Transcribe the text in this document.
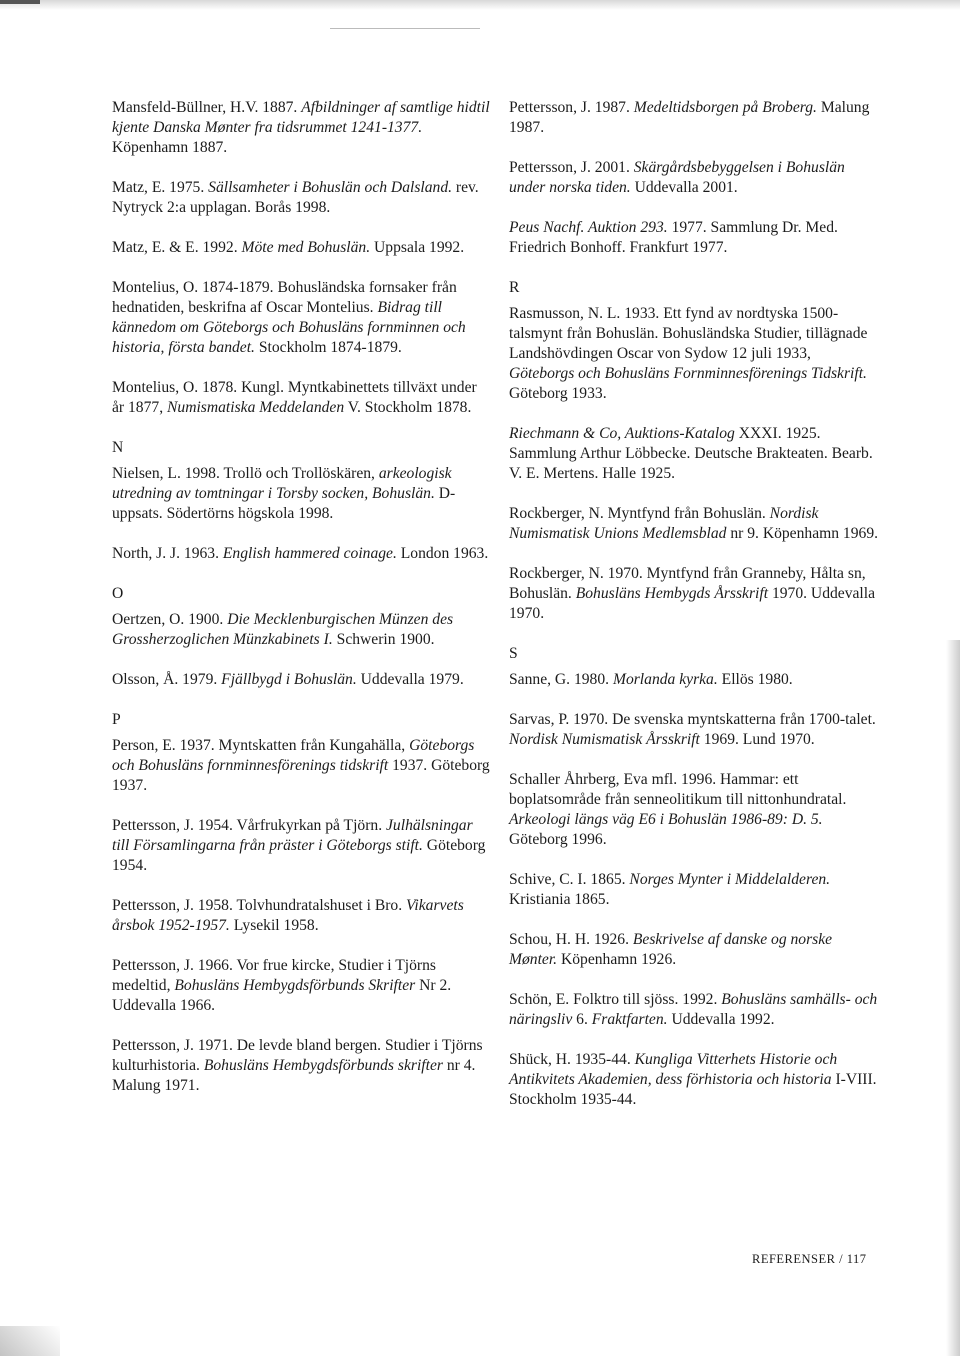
Mansfeld-Büllner, H.V. 1887. Afbildninger af samtlige hidtil kjente Danska Mønter fra tidsrummet 1241-1377. Köpenhamn 1887.
Matz, E. 1975. Sällsamheter i Bohuslän och Dalsland. rev. Nytryck 2:a upplagan. Borås 1998.
Matz, E. & E. 1992. Möte med Bohuslän. Uppsala 1992.
Montelius, O. 1874-1879. Bohusländska fornsaker från hednatiden, beskrifna af Oscar Montelius. Bidrag till kännedom om Göteborgs och Bohusläns fornminnen och historia, första bandet. Stockholm 1874-1879.
Montelius, O. 1878. Kungl. Myntkabinettets tillväxt under år 1877, Numismatiska Meddelanden V. Stockholm 1878.
N
Nielsen, L. 1998. Trollö och Trollöskären, arkeologisk utredning av tomtningar i Torsby socken, Bohuslän. D-uppsats. Södertörns högskola 1998.
North, J. J. 1963. English hammered coinage. London 1963.
O
Oertzen, O. 1900. Die Mecklenburgischen Münzen des Grossherzoglichen Münzkabinets I. Schwerin 1900.
Olsson, Å. 1979. Fjällbygd i Bohuslän. Uddevalla 1979.
P
Person, E. 1937. Myntskatten från Kungahälla, Göteborgs och Bohusläns fornminnesförenings tidskrift 1937. Göteborg 1937.
Pettersson, J. 1954. Vårfrukyrkan på Tjörn. Julhälsningar till Församlingarna från präster i Göteborgs stift. Göteborg 1954.
Pettersson, J. 1958. Tolvhundratalshuset i Bro. Vikarvets årsbok 1952-1957. Lysekil 1958.
Pettersson, J. 1966. Vor frue kircke, Studier i Tjörns medeltid, Bohusläns Hembygdsförbunds Skrifter Nr 2. Uddevalla 1966.
Pettersson, J. 1971. De levde bland bergen. Studier i Tjörns kulturhistoria. Bohusläns Hembygdsförbunds skrifter nr 4. Malung 1971.
Pettersson, J. 1987. Medeltidsborgen på Broberg. Malung 1987.
Pettersson, J. 2001. Skärgårdsbebyggelsen i Bohuslän under norska tiden. Uddevalla 2001.
Peus Nachf. Auktion 293. 1977. Sammlung Dr. Med. Friedrich Bonhoff. Frankfurt 1977.
R
Rasmusson, N. L. 1933. Ett fynd av nordtyska 1500-talsmynt från Bohuslän. Bohusländska Studier, tillägnade Landshövdingen Oscar von Sydow 12 juli 1933, Göteborgs och Bohusläns Fornminnesförenings Tidskrift. Göteborg 1933.
Riechmann & Co, Auktions-Katalog XXXI. 1925. Sammlung Arthur Löbbecke. Deutsche Brakteaten. Bearb. V. E. Mertens. Halle 1925.
Rockberger, N. Myntfynd från Bohuslän. Nordisk Numismatisk Unions Medlemsblad nr 9. Köpenhamn 1969.
Rockberger, N. 1970. Myntfynd från Granneby, Hålta sn, Bohuslän. Bohusläns Hembygds Årsskrift 1970. Uddevalla 1970.
S
Sanne, G. 1980. Morlanda kyrka. Ellös 1980.
Sarvas, P. 1970. De svenska myntskatterna från 1700-talet. Nordisk Numismatisk Årsskrift 1969. Lund 1970.
Schaller Åhrberg, Eva mfl. 1996. Hammar: ett boplatsområde från senneolitikum till nittonhundratal. Arkeologi längs väg E6 i Bohuslän 1986-89: D. 5. Göteborg 1996.
Schive, C. I. 1865. Norges Mynter i Middelalderen. Kristiania 1865.
Schou, H. H. 1926. Beskrivelse af danske og norske Mønter. Köpenhamn 1926.
Schön, E. Folktro till sjöss. 1992. Bohusläns samhälls- och näringsliv 6. Fraktfarten. Uddevalla 1992.
Shück, H. 1935-44. Kungliga Vitterhets Historie och Antikvitets Akademien, dess förhistoria och historia I-VIII. Stockholm 1935-44.
REFERENSER / 117
